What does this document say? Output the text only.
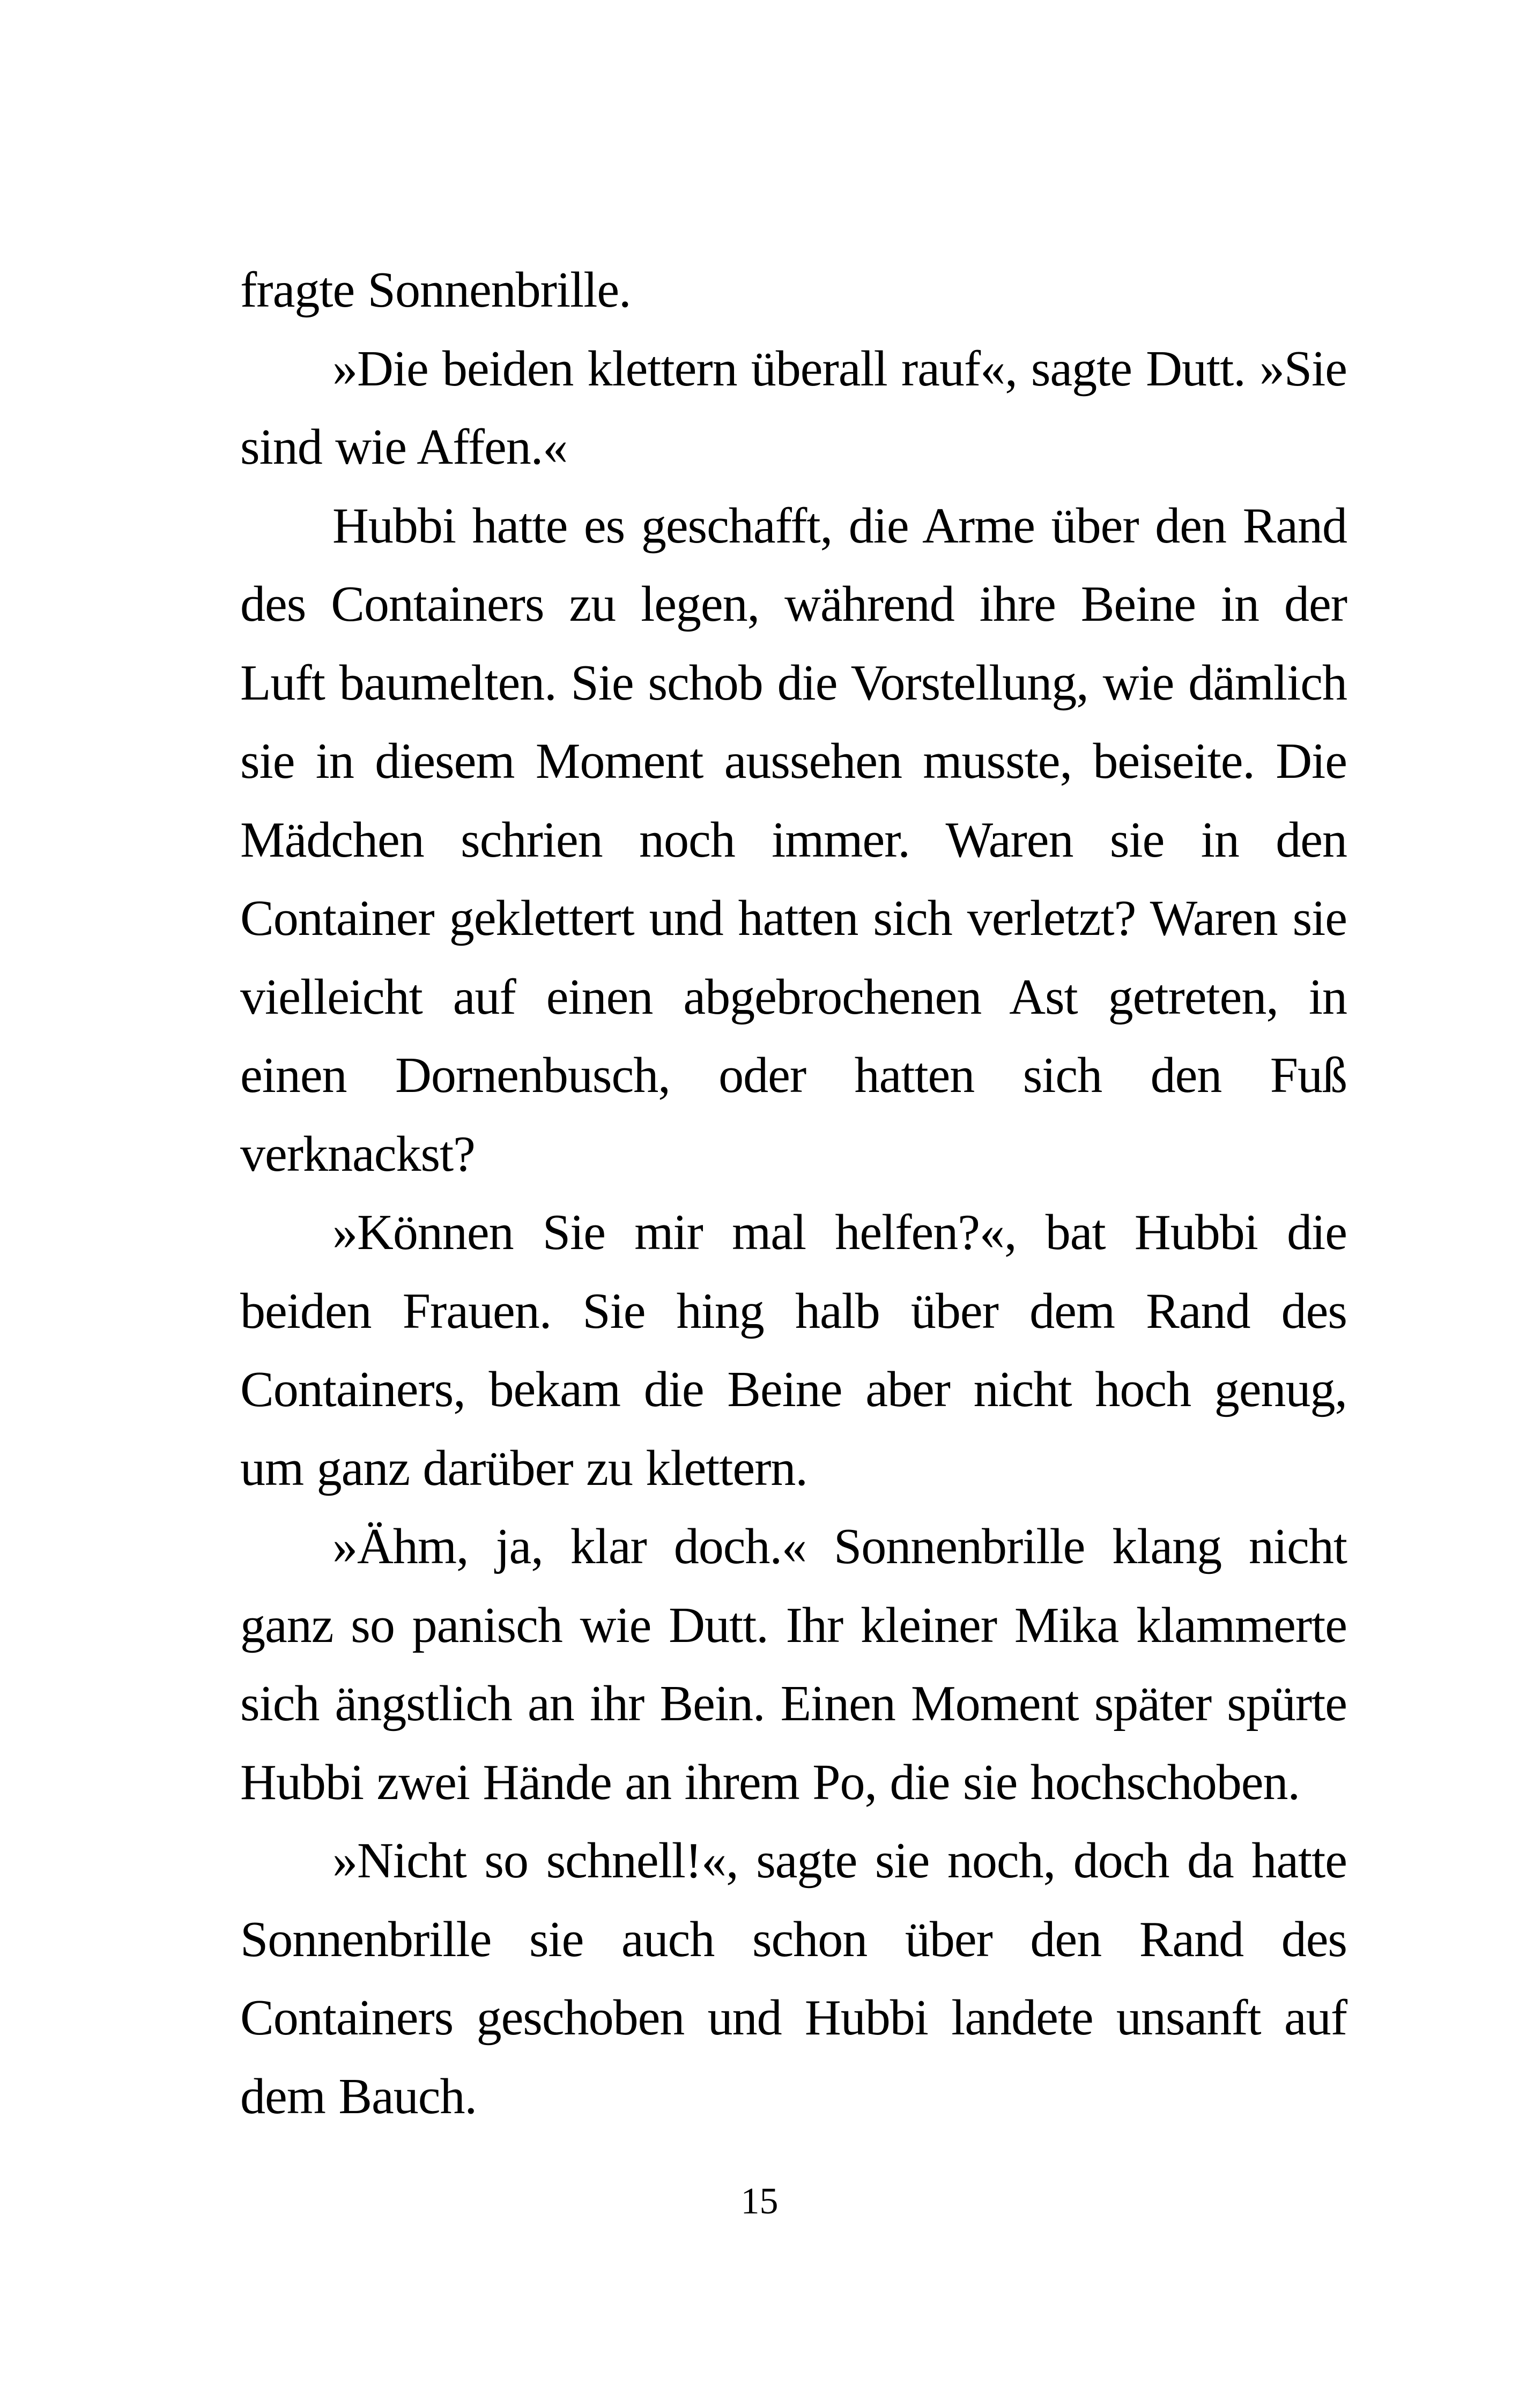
fragte Sonnenbrille.

»Die beiden klettern überall rauf«, sagte Dutt. »Sie sind wie Affen.«

Hubbi hatte es geschafft, die Arme über den Rand des Containers zu legen, während ihre Beine in der Luft baumelten. Sie schob die Vorstellung, wie dämlich sie in diesem Moment aussehen musste, beiseite. Die Mädchen schrien noch immer. Waren sie in den Container geklettert und hatten sich verletzt? Waren sie vielleicht auf einen abgebrochenen Ast getreten, in einen Dornenbusch, oder hatten sich den Fuß verknackst?

»Können Sie mir mal helfen?«, bat Hubbi die beiden Frauen. Sie hing halb über dem Rand des Containers, bekam die Beine aber nicht hoch genug, um ganz darüber zu klettern.

»Ähm, ja, klar doch.« Sonnenbrille klang nicht ganz so panisch wie Dutt. Ihr kleiner Mika klammerte sich ängstlich an ihr Bein. Einen Moment später spürte Hubbi zwei Hände an ihrem Po, die sie hochschoben.

»Nicht so schnell!«, sagte sie noch, doch da hatte Sonnenbrille sie auch schon über den Rand des Containers geschoben und Hubbi landete unsanft auf dem Bauch.

15
